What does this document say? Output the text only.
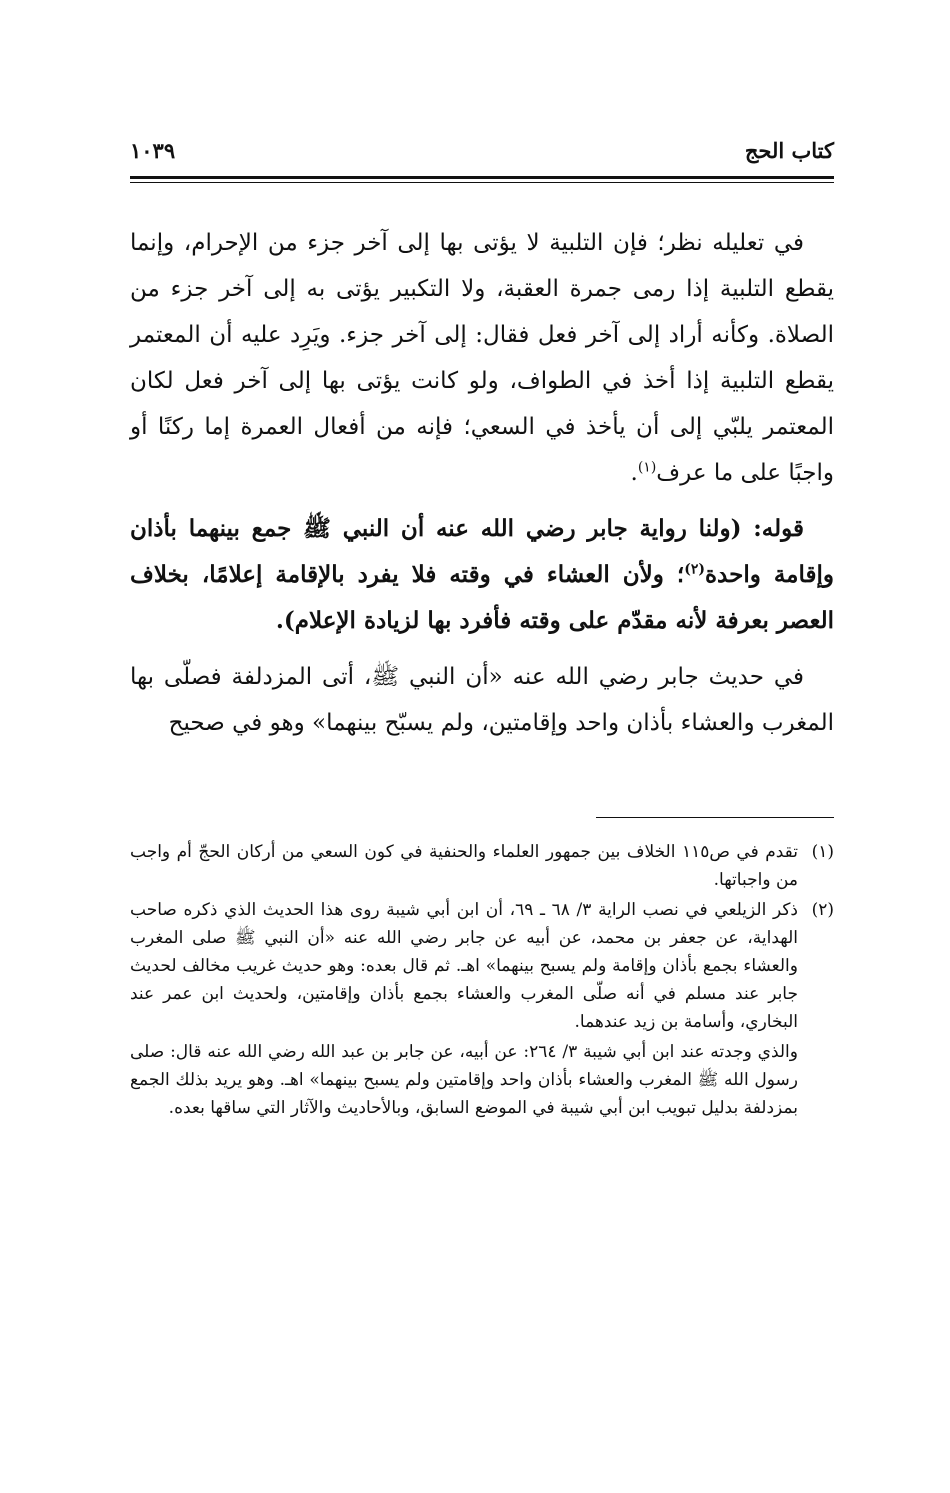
كتاب الحج
١٠٣٩

في تعليله نظر؛ فإن التلبية لا يؤتى بها إلى آخر جزء من الإحرام، وإنما يقطع التلبية إذا رمى جمرة العقبة، ولا التكبير يؤتى به إلى آخر جزء من الصلاة. وكأنه أراد إلى آخر فعل فقال: إلى آخر جزء. ويَرِد عليه أن المعتمر يقطع التلبية إذا أخذ في الطواف، ولو كانت يؤتى بها إلى آخر فعل لكان المعتمر يلبّي إلى أن يأخذ في السعي؛ فإنه من أفعال العمرة إما ركنًا أو واجبًا على ما عرف$^{(١)}$.

قوله: (ولنا رواية جابر رضي الله عنه أن النبي ﷺ جمع بينهما بأذان وإقامة واحدة$^{(٢)}$؛ ولأن العشاء في وقته فلا يفرد بالإقامة إعلامًا، بخلاف العصر بعرفة لأنه مقدّم على وقته فأفرد بها لزيادة الإعلام).

في حديث جابر رضي الله عنه «أن النبي ﷺ، أتى المزدلفة فصلّى بها المغرب والعشاء بأذان واحد وإقامتين، ولم يسبّح بينهما» وهو في صحيح

(١)

تقدم في ص١١٥ الخلاف بين جمهور العلماء والحنفية في كون السعي من أركان الحجّ أم واجب من واجباتها.

(٢)

ذكر الزيلعي في نصب الراية ٣/ ٦٨ ـ ٦٩، أن ابن أبي شيبة روى هذا الحديث الذي ذكره صاحب الهداية، عن جعفر بن محمد، عن أبيه عن جابر رضي الله عنه «أن النبي ﷺ صلى المغرب والعشاء بجمع بأذان وإقامة ولم يسبح بينهما» اهـ. ثم قال بعده: وهو حديث غريب مخالف لحديث جابر عند مسلم في أنه صلّى المغرب والعشاء بجمع بأذان وإقامتين، ولحديث ابن عمر عند البخاري، وأسامة بن زيد عندهما.

والذي وجدته عند ابن أبي شيبة ٣/ ٢٦٤: عن أبيه، عن جابر بن عبد الله رضي الله عنه قال: صلى رسول الله ﷺ المغرب والعشاء بأذان واحد وإقامتين ولم يسبح بينهما» اهـ. وهو يريد بذلك الجمع بمزدلفة بدليل تبويب ابن أبي شيبة في الموضع السابق، وبالأحاديث والآثار التي ساقها بعده.
